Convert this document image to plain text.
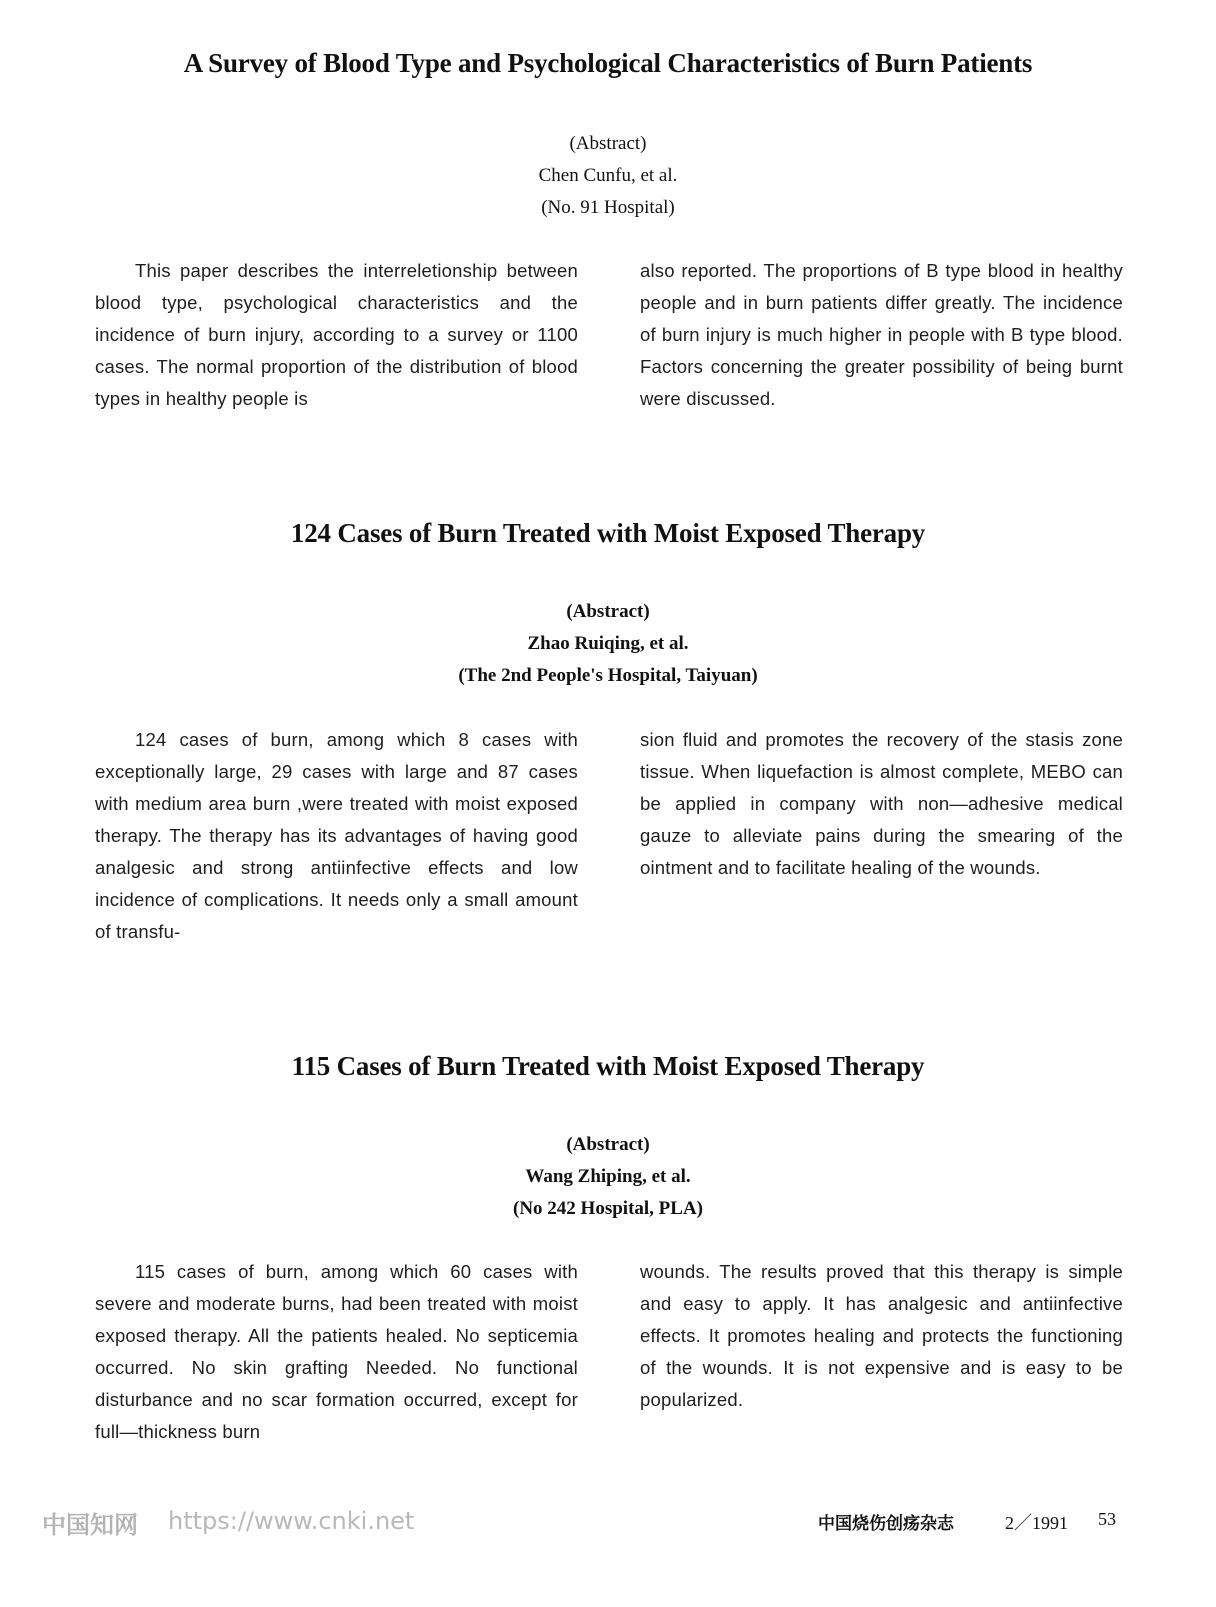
A Survey of Blood Type and Psychological Characteristics of Burn Patients
(Abstract)
Chen Cunfu, et al.
(No. 91 Hospital)

This paper describes the interreletionship between blood type, psychological characteristics and the incidence of burn injury, according to a survey or 1100 cases. The normal proportion of the distribution of blood types in healthy people is

also reported. The proportions of B type blood in healthy people and in burn patients differ greatly. The incidence of burn injury is much higher in people with B type blood. Factors concerning the greater possibility of being burnt were discussed.

124 Cases of Burn Treated with Moist Exposed Therapy
(Abstract)
Zhao Ruiqing, et al.
(The 2nd People's Hospital, Taiyuan)

124 cases of burn, among which 8 cases with exceptionally large, 29 cases with large and 87 cases with medium area burn ,were treated with moist exposed therapy. The therapy has its advantages of having good analgesic and strong antiinfective effects and low incidence of complications. It needs only a small amount of transfu-

sion fluid and promotes the recovery of the stasis zone tissue. When liquefaction is almost complete, MEBO can be applied in company with non—adhesive medical gauze to alleviate pains during the smearing of the ointment and to facilitate healing of the wounds.

115 Cases of Burn Treated with Moist Exposed Therapy
(Abstract)
Wang Zhiping, et al.
(No 242 Hospital, PLA)

115 cases of burn, among which 60 cases with severe and moderate burns, had been treated with moist exposed therapy. All the patients healed. No septicemia occurred. No skin grafting Needed. No functional disturbance and no scar formation occurred, except for full—thickness burn

wounds. The results proved that this therapy is simple and easy to apply. It has analgesic and antiinfective effects. It promotes healing and protects the functioning of the wounds. It is not expensive and is easy to be popularized.

中国知网 https://www.cnki.net	中国烧伤创疡杂志	2／1991 53
